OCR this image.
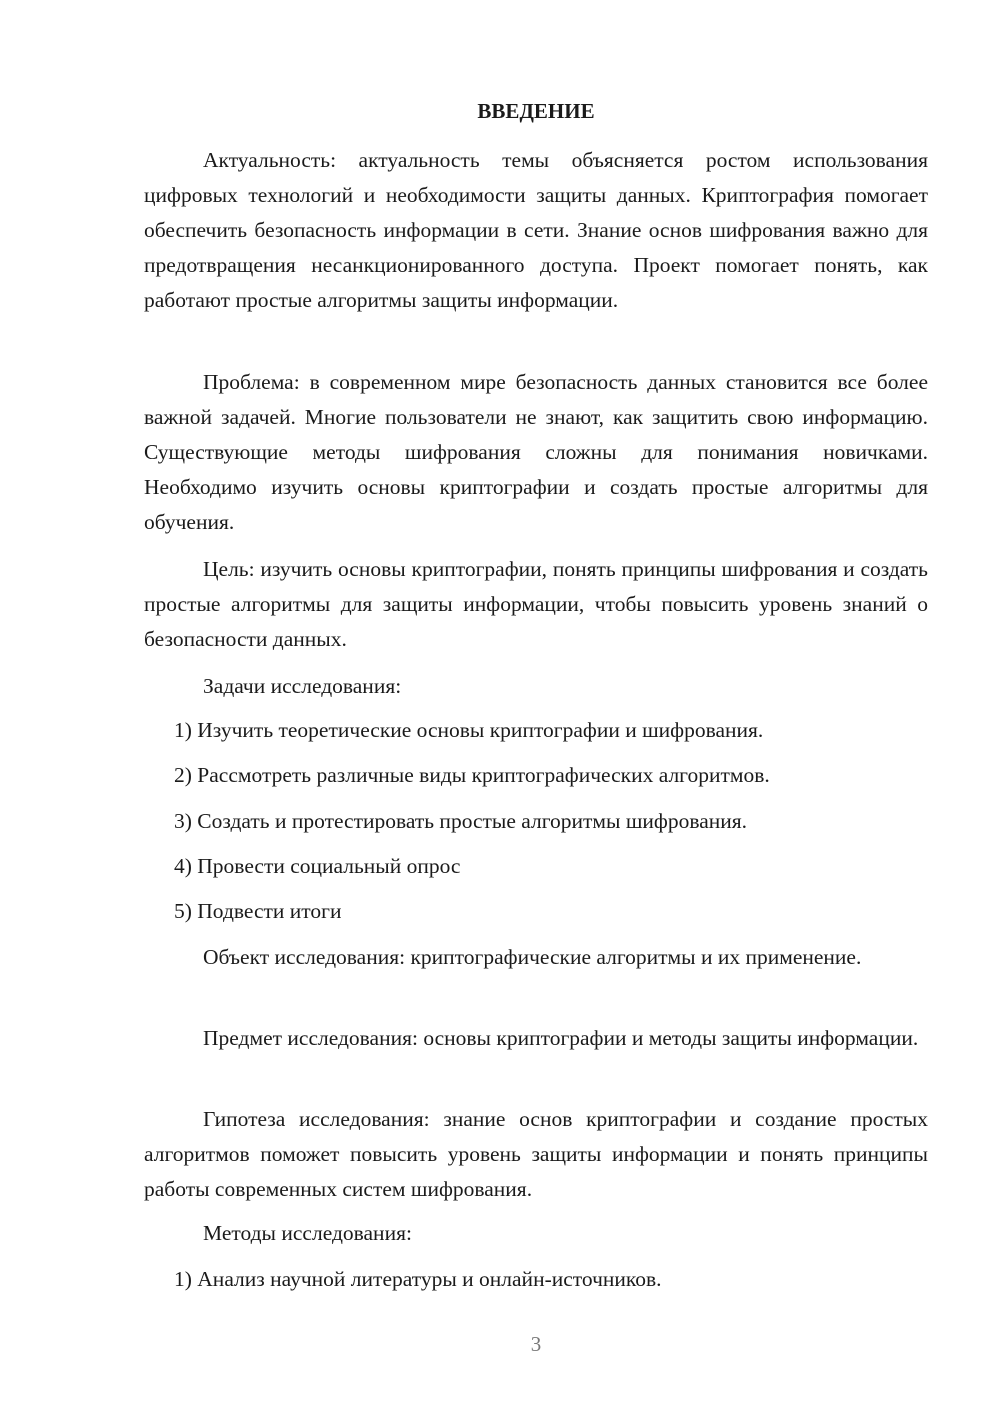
ВВЕДЕНИЕ

Актуальность: актуальность темы объясняется ростом использования цифровых технологий и необходимости защиты данных. Криптография помогает обеспечить безопасность информации в сети. Знание основ шифрования важно для предотвращения несанкционированного доступа. Проект помогает понять, как работают простые алгоритмы защиты информации.

Проблема: в современном мире безопасность данных становится все более важной задачей. Многие пользователи не знают, как защитить свою информацию. Существующие методы шифрования сложны для понимания новичками. Необходимо изучить основы криптографии и создать простые алгоритмы для обучения.

Цель: изучить основы криптографии, понять принципы шифрования и создать простые алгоритмы для защиты информации, чтобы повысить уровень знаний о безопасности данных.

Задачи исследования:

1) Изучить теоретические основы криптографии и шифрования.

2) Рассмотреть различные виды криптографических алгоритмов.

3) Создать и протестировать простые алгоритмы шифрования.

4) Провести социальный опрос

5) Подвести итоги

Объект исследования: криптографические алгоритмы и их применение.

Предмет исследования: основы криптографии и методы защиты информации.

Гипотеза исследования: знание основ криптографии и создание простых алгоритмов поможет повысить уровень защиты информации и понять принципы работы современных систем шифрования.

Методы исследования:

1) Анализ научной литературы и онлайн-источников.

3
